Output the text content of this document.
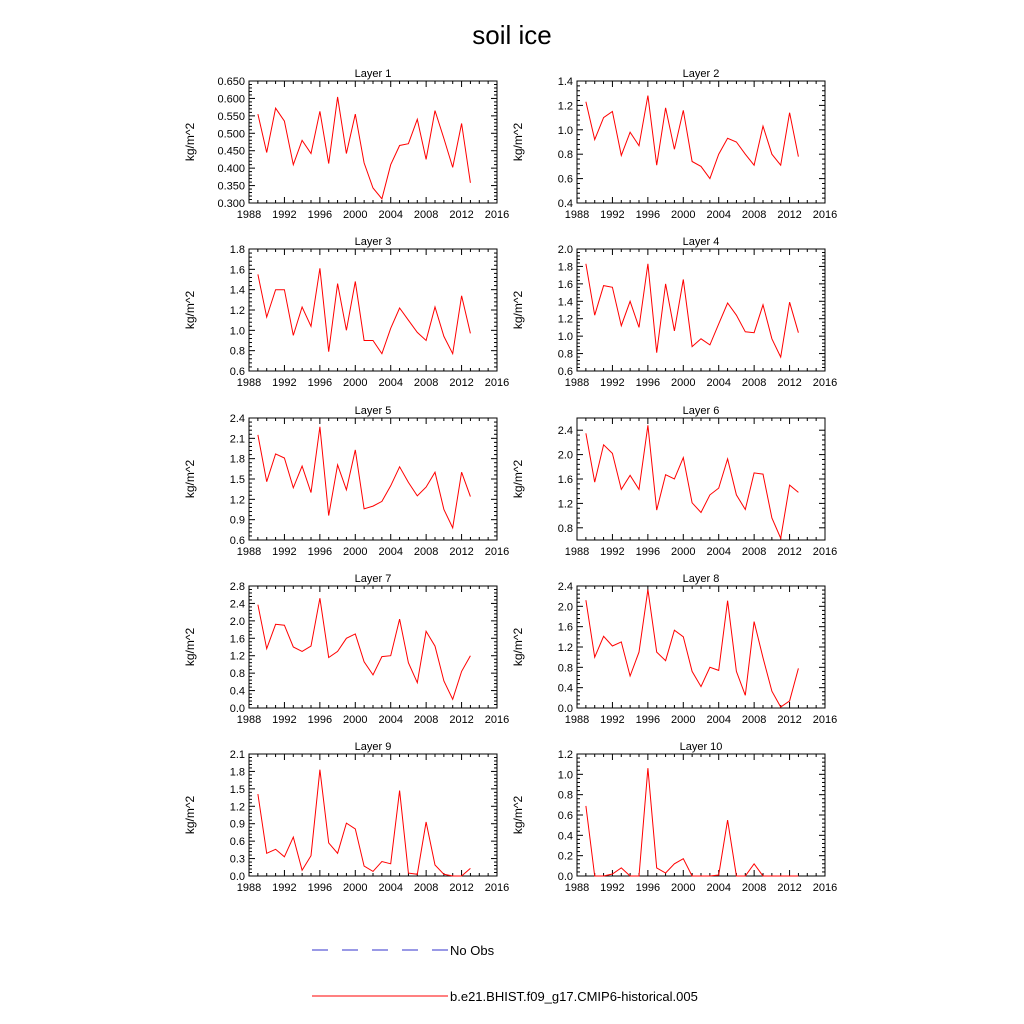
soil ice
Layer 1
1988 1992 1996 2000 2004 2008 2012 2016
0.300
0.350
0.400
0.450
0.500
0.550
0.600
0.650
kg/m^2
Layer 2
1988 1992 1996 2000 2004 2008 2012 2016
0.4
0.6
0.8
1.0
1.2
1.4
kg/m^2
Layer 3
1988 1992 1996 2000 2004 2008 2012 2016
0.6
0.8
1.0
1.2
1.4
1.6
1.8
kg/m^2
Layer 4
1988 1992 1996 2000 2004 2008 2012 2016
0.6
0.8
1.0
1.2
1.4
1.6
1.8
2.0
kg/m^2
Layer 5
1988 1992 1996 2000 2004 2008 2012 2016
0.6
0.9
1.2
1.5
1.8
2.1
2.4
kg/m^2
Layer 6
1988 1992 1996 2000 2004 2008 2012 2016
0.8
1.2
1.6
2.0
2.4
kg/m^2
Layer 7
1988 1992 1996 2000 2004 2008 2012 2016
0.0
0.4
0.8
1.2
1.6
2.0
2.4
2.8
kg/m^2
Layer 8
1988 1992 1996 2000 2004 2008 2012 2016
0.0
0.4
0.8
1.2
1.6
2.0
2.4
kg/m^2
Layer 9
1988 1992 1996 2000 2004 2008 2012 2016
0.0
0.3
0.6
0.9
1.2
1.5
1.8
2.1
kg/m^2
Layer 10
1988 1992 1996 2000 2004 2008 2012 2016
0.0
0.2
0.4
0.6
0.8
1.0
1.2
kg/m^2
No Obs
b.e21.BHIST.f09_g17.CMIP6-historical.005
